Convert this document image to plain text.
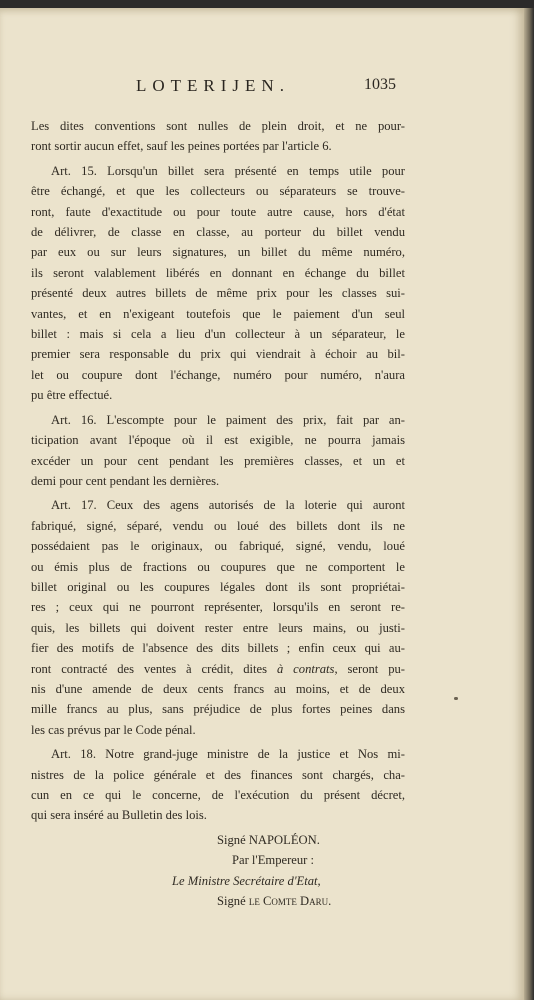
LOTERIJEN.	1035

Les dites conventions sont nulles de plein droit, et ne pour-
ront sortir aucun effet, sauf les peines portées par l'article 6.

Art. 15. Lorsqu'un billet sera présenté en temps utile pour
être échangé, et que les collecteurs ou séparateurs se trouve-
ront, faute d'exactitude ou pour toute autre cause, hors d'état
de délivrer, de classe en classe, au porteur du billet vendu
par eux ou sur leurs signatures, un billet du même numéro,
ils seront valablement libérés en donnant en échange du billet
présenté deux autres billets de même prix pour les classes sui-
vantes, et en n'exigeant toutefois que le paiement d'un seul
billet : mais si cela a lieu d'un collecteur à un séparateur, le
premier sera responsable du prix qui viendrait à échoir au bil-
let ou coupure dont l'échange, numéro pour numéro, n'aura
pu être effectué.

Art. 16. L'escompte pour le paiment des prix, fait par an-
ticipation avant l'époque où il est exigible, ne pourra jamais
excéder un pour cent pendant les premières classes, et un et
demi pour cent pendant les dernières.

Art. 17. Ceux des agens autorisés de la loterie qui auront
fabriqué, signé, séparé, vendu ou loué des billets dont ils ne
possédaient pas le originaux, ou fabriqué, signé, vendu, loué
ou émis plus de fractions ou coupures que ne comportent le
billet original ou les coupures légales dont ils sont propriétai-
res ; ceux qui ne pourront représenter, lorsqu'ils en seront re-
quis, les billets qui doivent rester entre leurs mains, ou justi-
fier des motifs de l'absence des dits billets ; enfin ceux qui au-
ront contracté des ventes à crédit, dites à contrats, seront pu-
nis d'une amende de deux cents francs au moins, et de deux
mille francs au plus, sans préjudice de plus fortes peines dans
les cas prévus par le Code pénal.

Art. 18. Notre grand-juge ministre de la justice et Nos mi-
nistres de la police générale et des finances sont chargés, cha-
cun en ce qui le concerne, de l'exécution du présent décret,
qui sera inséré au Bulletin des lois.

Signé NAPOLÉON.
Par l'Empereur :
Le Ministre Secrétaire d'Etat,
Signé le Comte Daru.
